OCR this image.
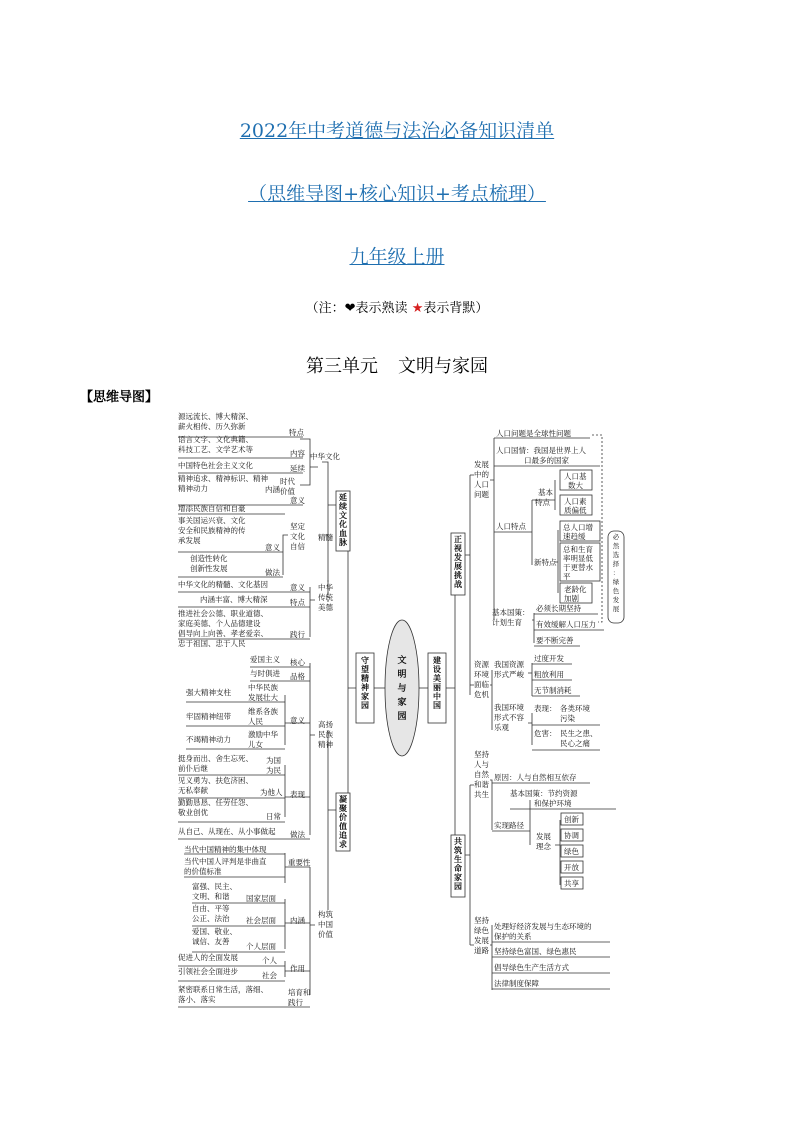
2022年中考道德与法治必备知识清单
（思维导图+核心知识+考点梳理）
九年级上册
（注：❤表示熟读 ★表示背默）
第三单元 文明与家园
【思维导图】
文明与家园
守望精神家园
延续文化血脉
凝聚价值追求
中华文化
特点
源远流长、博大精深、
薪火相传、历久弥新
内容
语言文字、文化典籍、
科技工艺、文学艺术等
延续
中国特色社会主义文化
意义
精神追求、精神标识、精神
精神动力	内涵
时代
价值
增添民族自信和自豪
精髓
坚定
文化
自信
意义
事关国运兴衰、文化
安全和民族精神的传
承发展
做法
创造性转化
创新性发展
中华
传统
美德
意义
中华文化的精髓、文化基因
特点
内涵丰富、博大精深
践行
推进社会公德、职业道德、
家庭美德、个人品德建设
倡导向上向善、孝老爱亲、
忠于祖国、忠于人民
高扬
民族
精神
核心
爱国主义
品格
与时俱进
意义
强大精神支柱
中华民族
发展壮大
牢固精神纽带
维系各族
人民
不竭精神动力
激励中华
儿女
表现
挺身而出、舍生忘死、
前仆后继
为国
为民
见义勇为、扶危济困、
无私奉献	为他人
勤勤恳恳、任劳任怨、
敬业创优	日常
做法
从自己、从现在、从小事做起
构筑
中国
价值
重要性
当代中国精神的集中体现
当代中国人评判是非曲直
的价值标准
内涵
富强、民主、
文明、和谐 国家层面
自由、平等
公正、法治 社会层面
爱国、敬业、
诚信、友善
个人层面
作用
促进人的全面发展	个人
引领社会全面进步	社会
培育和
践行
紧密联系日常生活，落细、
落小、落实
建设美丽中国
正视发展挑战
共筑生命家园
发展
中的
人口
问题
人口问题是全球性问题
人口国情：我国是世界上人
口最多的国家
人口特点
基本
特点
人口基
数大
人口素
质偏低
新特点
总人口增
速趋缓
总和生育
率明显低
于更替水
平
老龄化
加剧
必然选择：绿色发展
基本国策：
计划生育
必须长期坚持
有效缓解人口压力
要不断完善
资源
环境
面临
危机
我国资源
形式严峻
过度开发
粗放利用
无节制消耗
我国环境
形式不容
乐观
表现： 各类环境
污染
危害： 民生之患、
民心之痛
坚持
人与
自然
和谐
共生
原因：人与自然相互依存
基本国策：节约资源
和保护环境
实现路径
发展
理念
创新
协调
绿色
开放
共享
坚持
绿色
发展
道路
处理好经济发展与生态环境的
保护的关系
坚持绿色富国、绿色惠民
倡导绿色生产生活方式
法律制度保障
